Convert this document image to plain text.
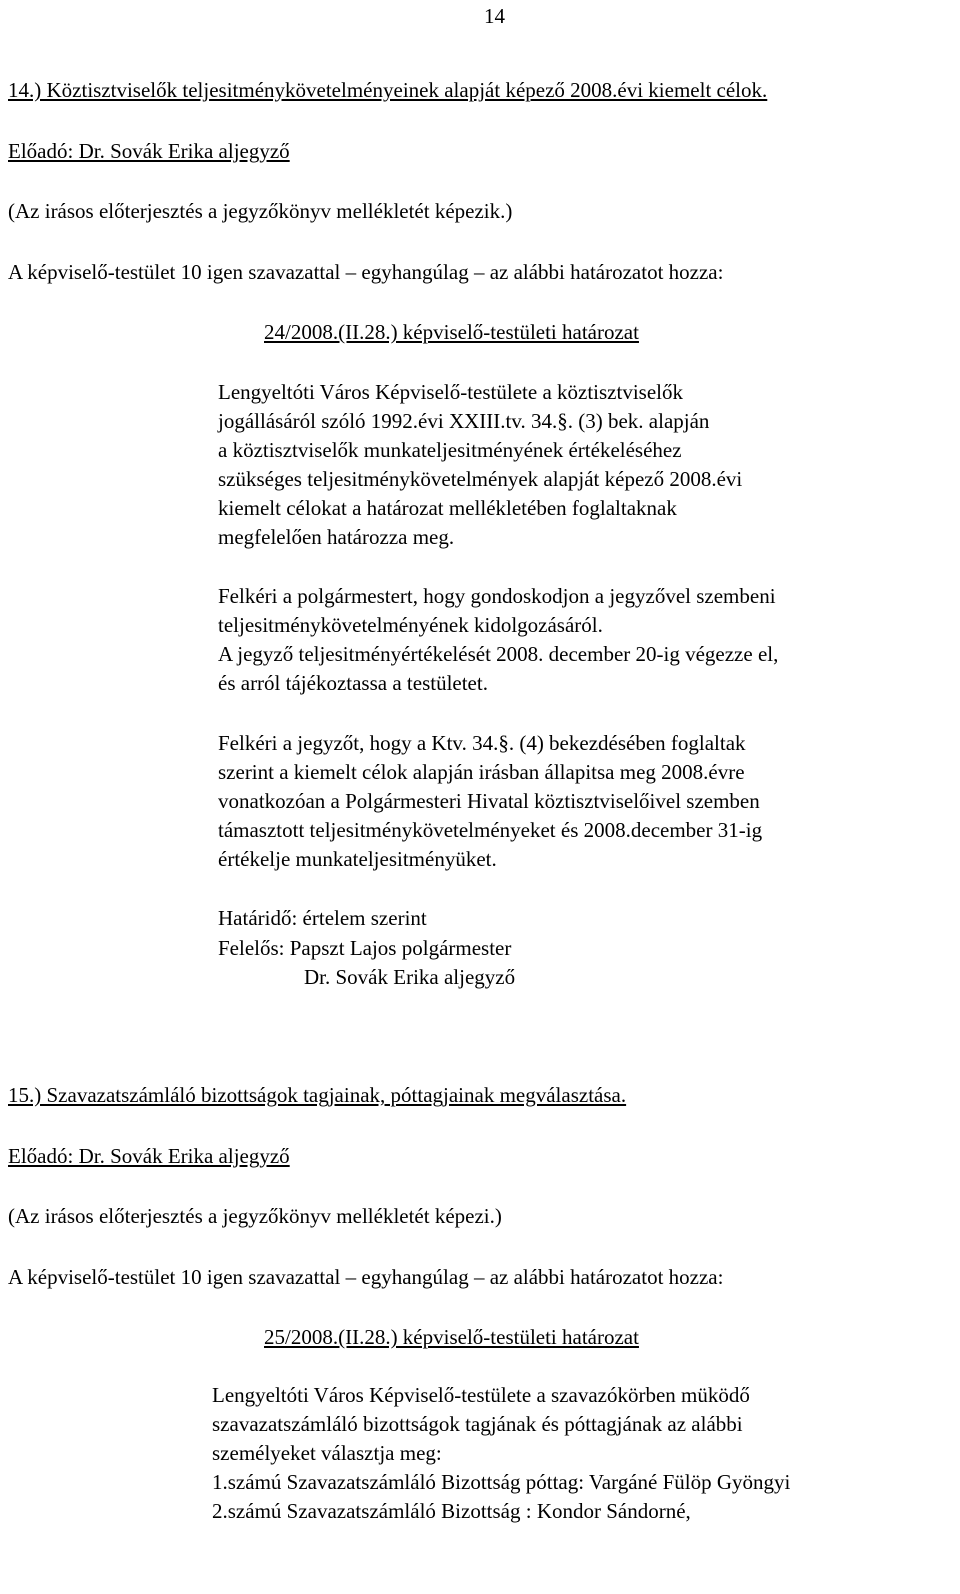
14
14.) Köztisztviselők teljesitménykövetelményeinek alapját képező 2008.évi kiemelt célok.
Előadó: Dr. Sovák Erika aljegyző
(Az irásos előterjesztés a jegyzőkönyv mellékletét képezik.)
A képviselő-testület 10 igen szavazattal – egyhangúlag – az alábbi határozatot hozza:
24/2008.(II.28.) képviselő-testületi határozat
Lengyeltóti Város Képviselő-testülete a köztisztviselők
jogállásáról szóló 1992.évi XXIII.tv. 34.§. (3) bek. alapján
a köztisztviselők munkateljesitményének értékeléséhez
szükséges teljesitménykövetelmények alapját képező 2008.évi
kiemelt célokat a határozat mellékletében foglaltaknak
megfelelően határozza meg.
Felkéri a polgármestert, hogy gondoskodjon a jegyzővel szembeni
teljesitménykövetelményének kidolgozásáról.
A jegyző teljesitményértékelését 2008. december 20-ig végezze el,
és arról tájékoztassa a testületet.
Felkéri a jegyzőt, hogy a Ktv. 34.§. (4) bekezdésében foglaltak
szerint a kiemelt célok alapján irásban állapitsa meg 2008.évre
vonatkozóan a Polgármesteri Hivatal köztisztviselőivel szemben
támasztott teljesitménykövetelményeket és 2008.december 31-ig
értékelje munkateljesitményüket.
Határidő: értelem szerint
Felelős: Papszt Lajos polgármester
Dr. Sovák Erika aljegyző
15.) Szavazatszámláló bizottságok tagjainak, póttagjainak megválasztása.
Előadó: Dr. Sovák Erika aljegyző
(Az irásos előterjesztés a jegyzőkönyv mellékletét képezi.)
A képviselő-testület 10 igen szavazattal – egyhangúlag – az alábbi határozatot hozza:
25/2008.(II.28.) képviselő-testületi határozat
Lengyeltóti Város Képviselő-testülete a szavazókörben müködő
szavazatszámláló bizottságok tagjának és póttagjának az alábbi
személyeket választja meg:
1.számú Szavazatszámláló Bizottság póttag: Vargáné Fülöp Gyöngyi
2.számú Szavazatszámláló Bizottság : Kondor Sándorné,
